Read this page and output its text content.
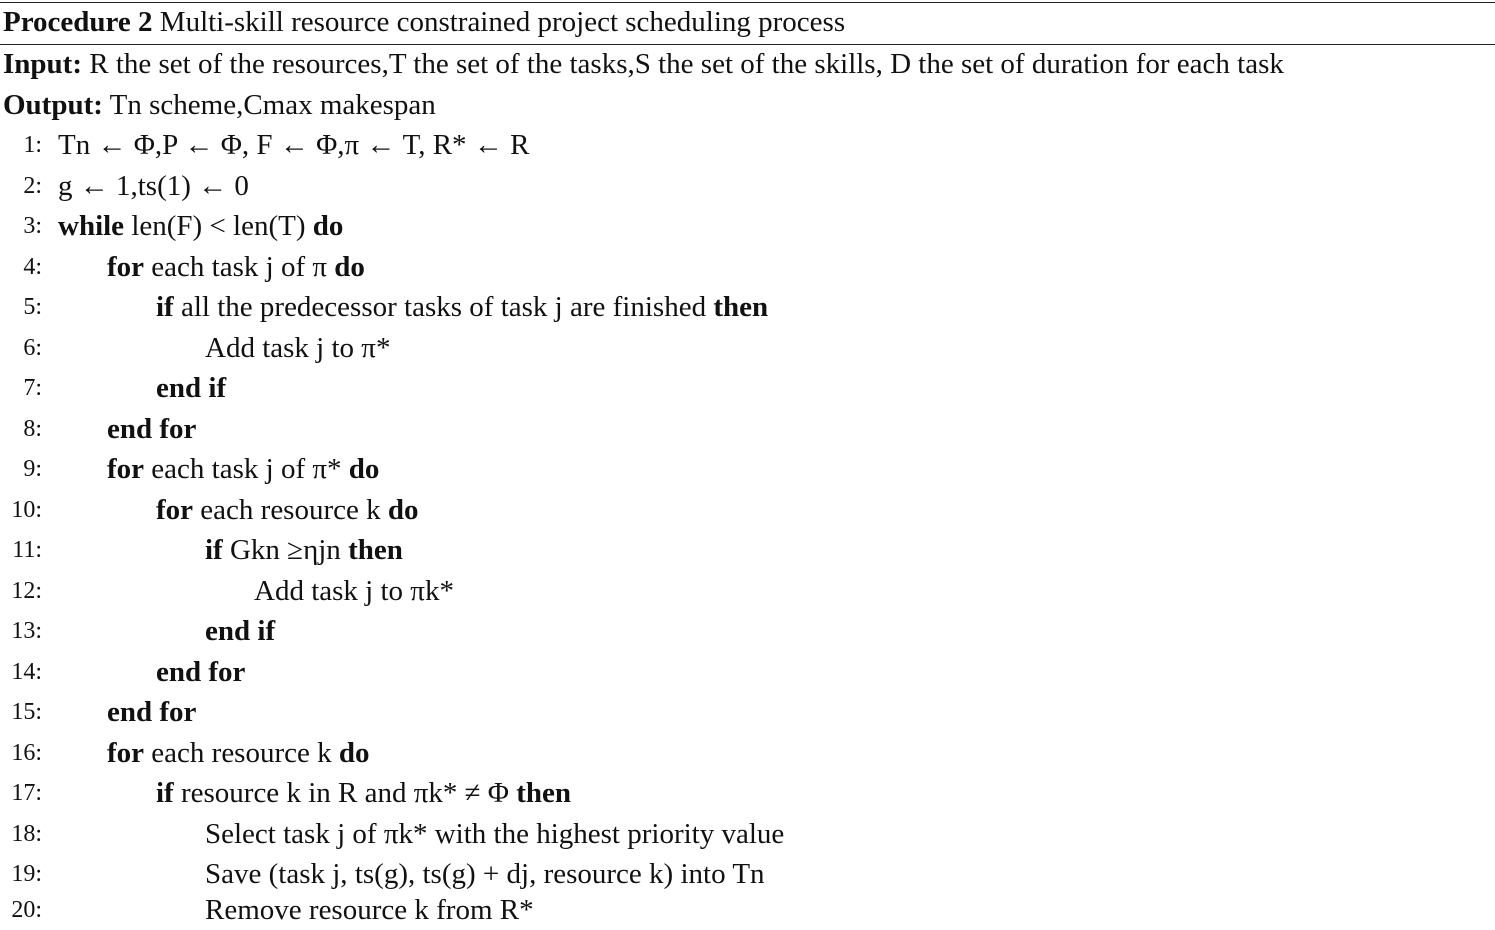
Procedure 2 Multi-skill resource constrained project scheduling process
Input: R the set of the resources,T the set of the tasks,S the set of the skills, D the set of duration for each task
Output: Tn scheme,Cmax makespan
1: Tn ← Φ,P ← Φ, F ← Φ,π ← T, R* ← R
2: g ← 1,ts(1) ← 0
3: while len(F) < len(T) do
4: for each task j of π do
5:	if all the predecessor tasks of task j are finished then
6:	Add task j to π*
7:	end if
8: end for
9: for each task j of π* do
10:	for each resource k do
11:	if Gkn ≥ηjn then
12:	Add task j to πk*
13:	end if
14:	end for
15: end for
16: for each resource k do
17:	if resource k in R and πk* ≠ Φ then
18:	Select task j of πk* with the highest priority value
19:	Save (task j, ts(g), ts(g) + dj, resource k) into Tn
20:	Remove resource k from R*
